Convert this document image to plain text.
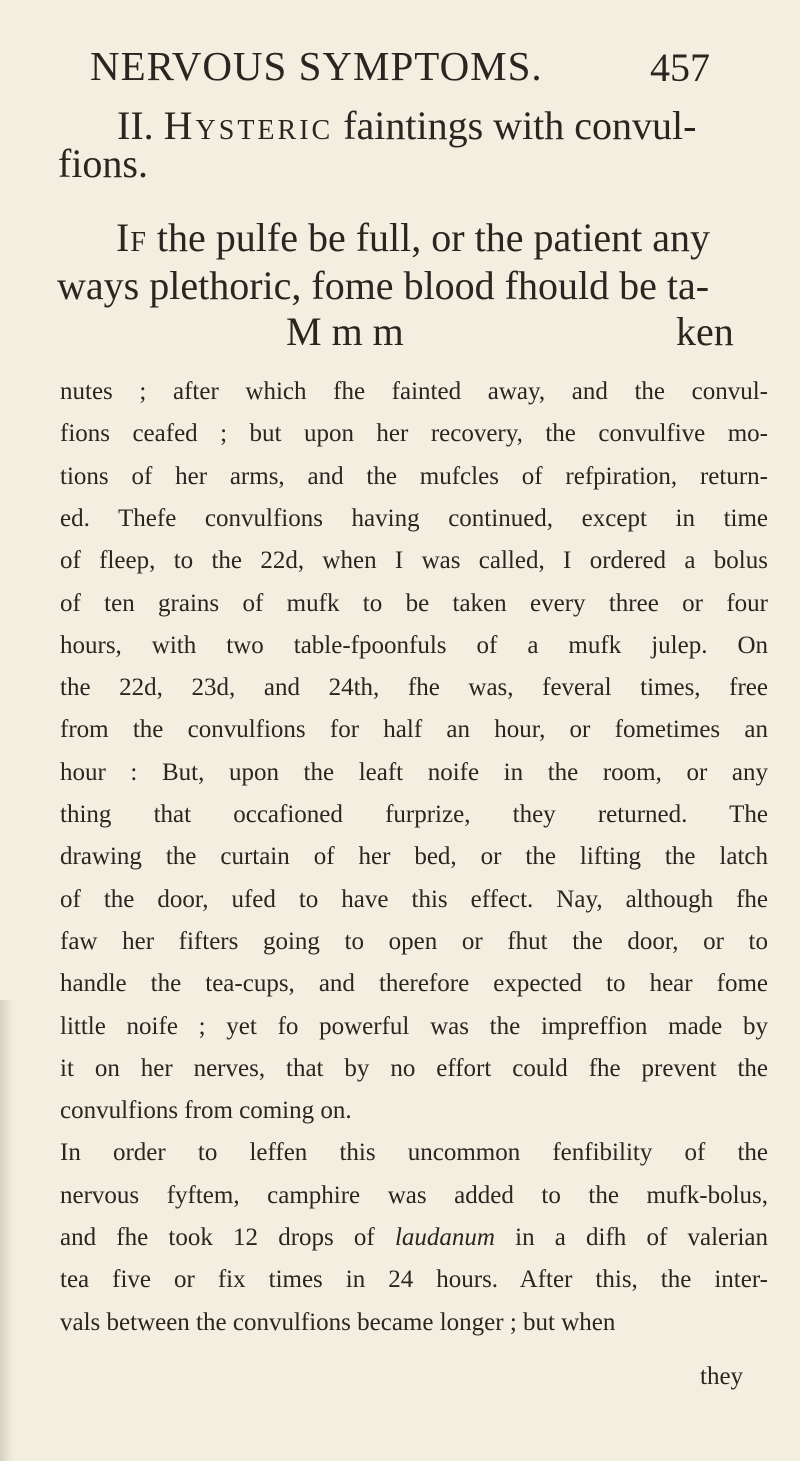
NERVOUS SYMPTOMS.	457
II. Hysteric faintings with convul-
fions.
If the pulfe be full, or the patient any
ways plethoric, fome blood fhould be ta-
M m m	ken
nutes ; after which fhe fainted away, and the convul-
fions ceafed ; but upon her recovery, the convulfive mo-
tions of her arms, and the mufcles of refpiration, return-
ed. Thefe convulfions having continued, except in time
of fleep, to the 22d, when I was called, I ordered a bolus
of ten grains of mufk to be taken every three or four
hours, with two table-fpoonfuls of a mufk julep. On
the 22d, 23d, and 24th, fhe was, feveral times, free
from the convulfions for half an hour, or fometimes an
hour : But, upon the leaft noife in the room, or any
thing that occafioned furprize, they returned. The
drawing the curtain of her bed, or the lifting the latch
of the door, ufed to have this effect. Nay, although fhe
faw her fifters going to open or fhut the door, or to
handle the tea-cups, and therefore expected to hear fome
little noife ; yet fo powerful was the impreffion made by
it on her nerves, that by no effort could fhe prevent the
convulfions from coming on.
In order to leffen this uncommon fenfibility of the
nervous fyftem, camphire was added to the mufk-bolus,
and fhe took 12 drops of laudanum in a difh of valerian
tea five or fix times in 24 hours. After this, the inter-
vals between the convulfions became longer ; but when
they
